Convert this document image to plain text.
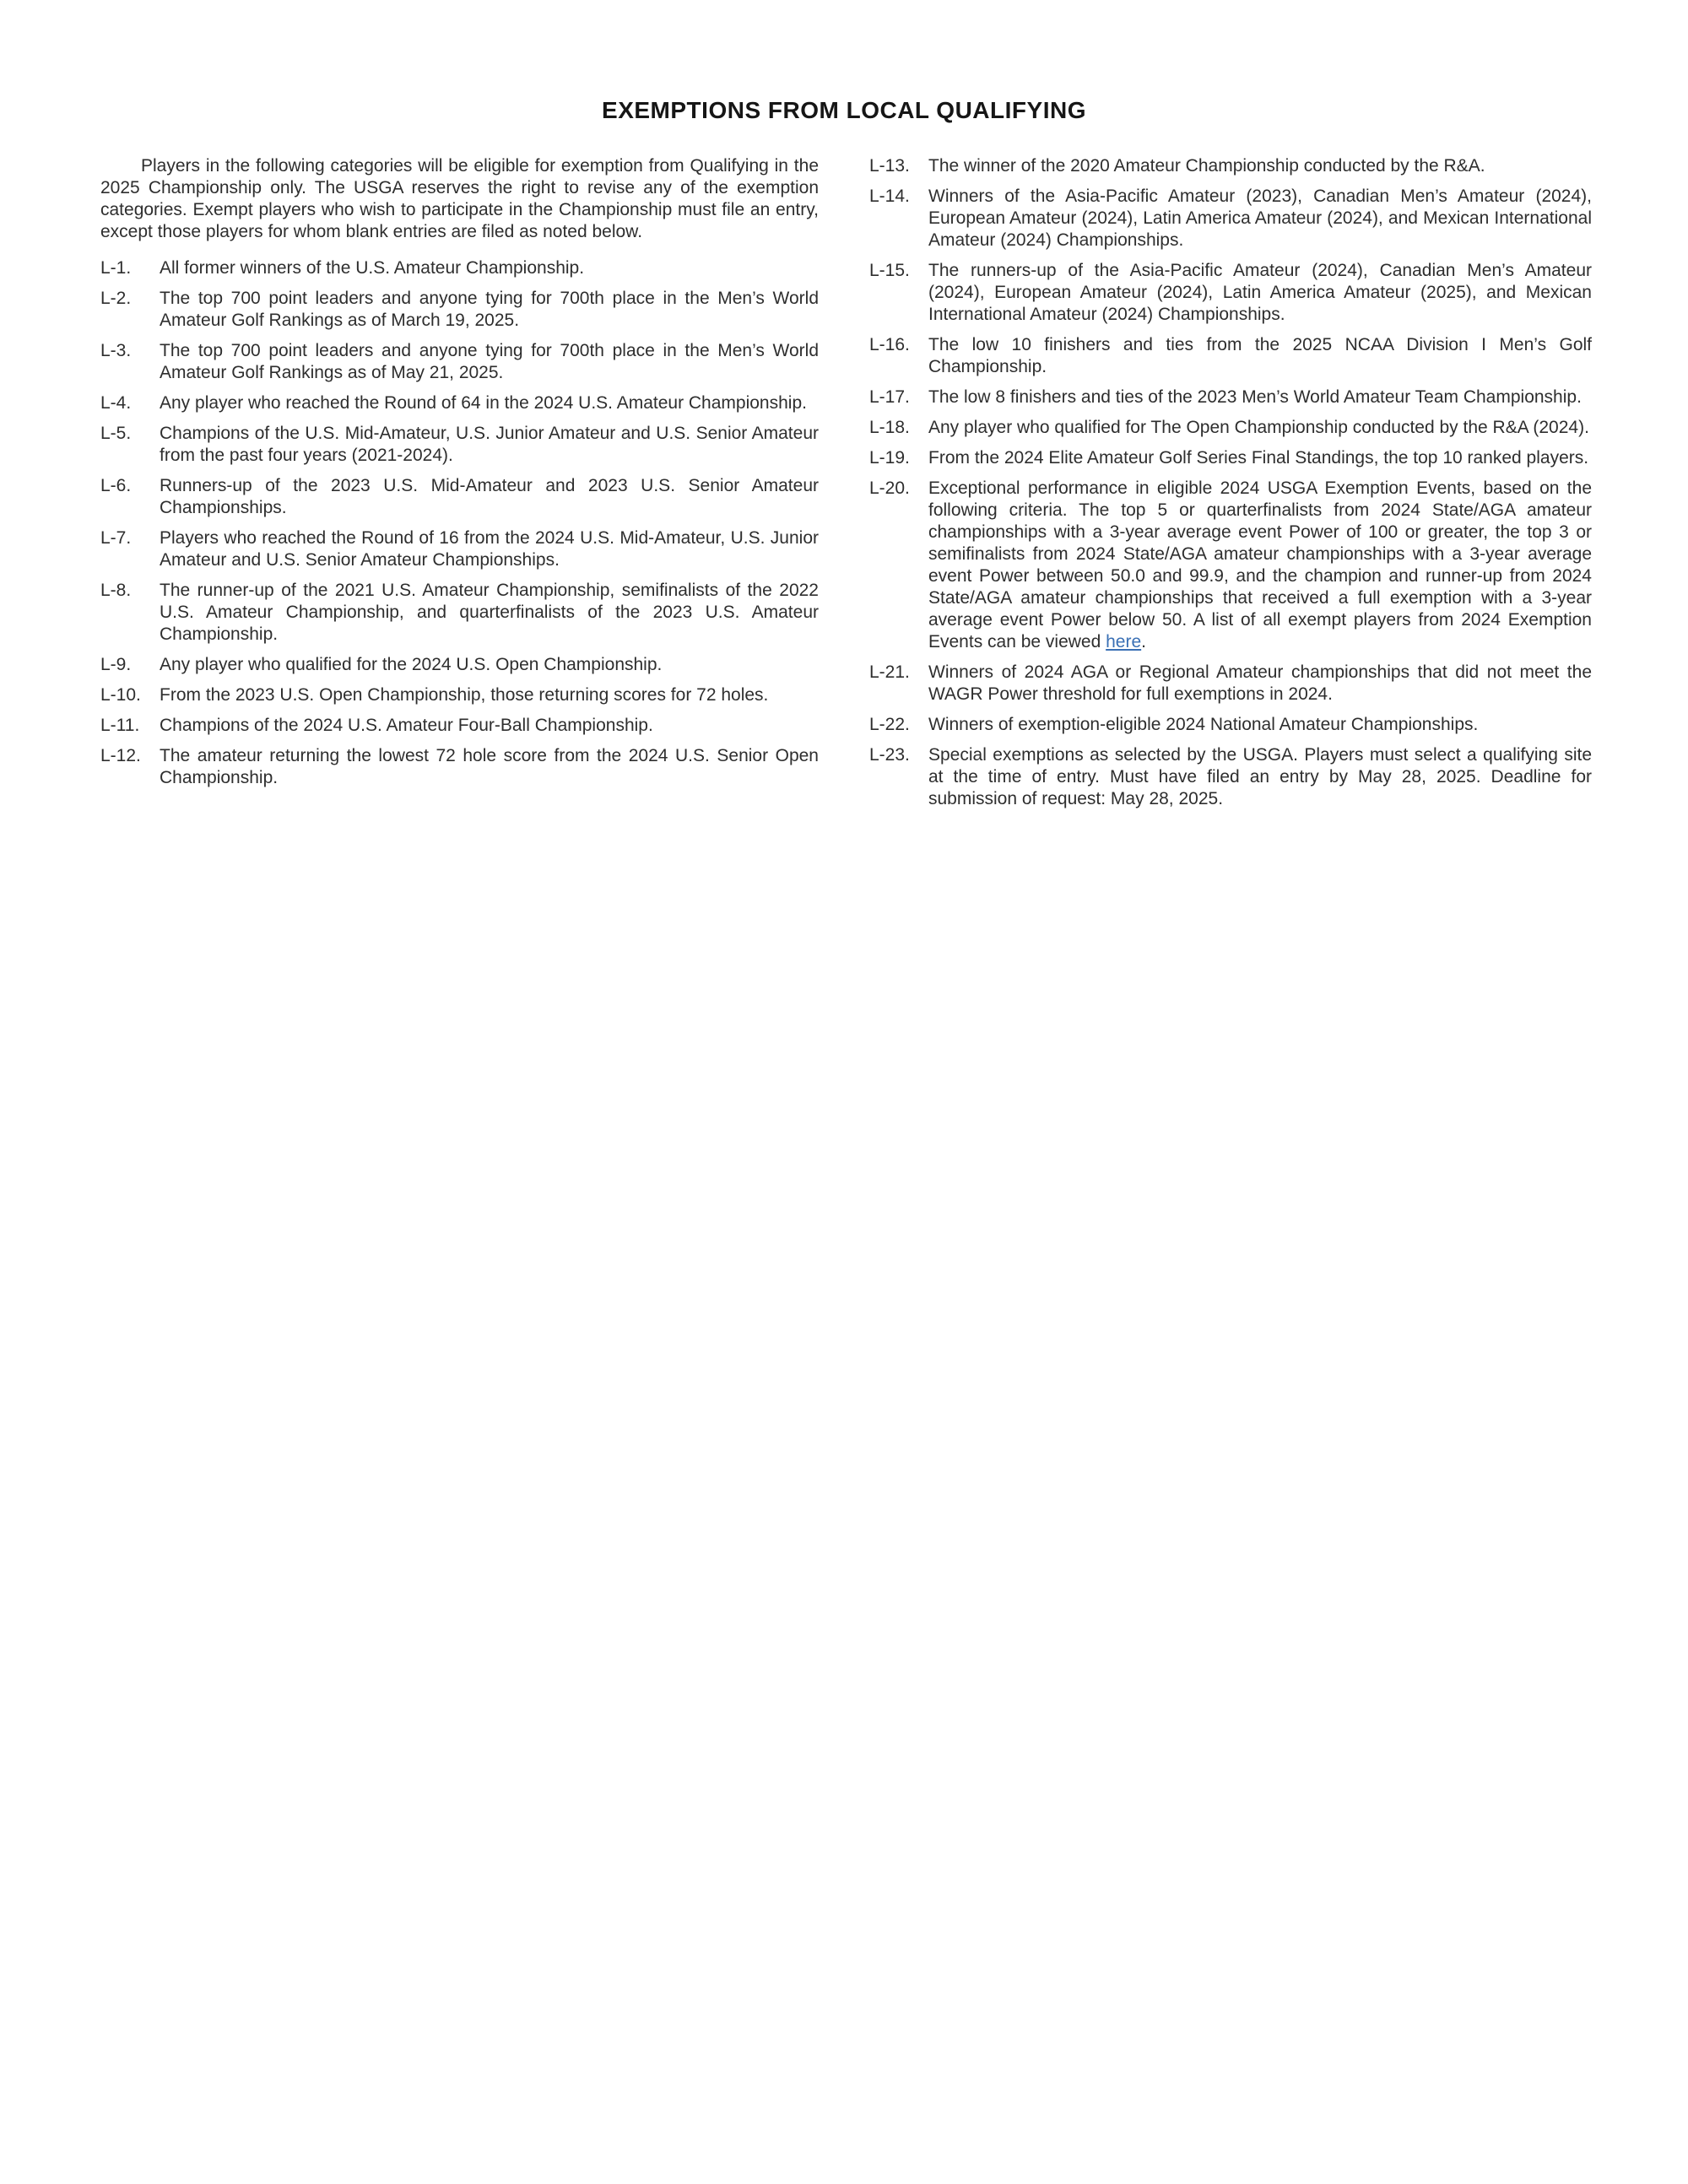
EXEMPTIONS FROM LOCAL QUALIFYING

Players in the following categories will be eligible for exemption from Qualifying in the 2025 Championship only. The USGA reserves the right to revise any of the exemption categories. Exempt players who wish to participate in the Championship must file an entry, except those players for whom blank entries are filed as noted below.

L-1.	All former winners of the U.S. Amateur Championship.
L-2.	The top 700 point leaders and anyone tying for 700th place in the Men’s World Amateur Golf Rankings as of March 19, 2025.
L-3.	The top 700 point leaders and anyone tying for 700th place in the Men’s World Amateur Golf Rankings as of May 21, 2025.
L-4.	Any player who reached the Round of 64 in the 2024 U.S. Amateur Championship.
L-5.	Champions of the U.S. Mid-Amateur, U.S. Junior Amateur and U.S. Senior Amateur from the past four years (2021-2024).
L-6.	Runners-up of the 2023 U.S. Mid-Amateur and 2023 U.S. Senior Amateur Championships.
L-7.	Players who reached the Round of 16 from the 2024 U.S. Mid-Amateur, U.S. Junior Amateur and U.S. Senior Amateur Championships.
L-8.	The runner-up of the 2021 U.S. Amateur Championship, semifinalists of the 2022 U.S. Amateur Championship, and quarterfinalists of the 2023 U.S. Amateur Championship.
L-9.	Any player who qualified for the 2024 U.S. Open Championship.
L-10.	From the 2023 U.S. Open Championship, those returning scores for 72 holes.
L-11.	Champions of the 2024 U.S. Amateur Four-Ball Championship.
L-12.	The amateur returning the lowest 72 hole score from the 2024 U.S. Senior Open Championship.
L-13.	The winner of the 2020 Amateur Championship conducted by the R&A.
L-14.	Winners of the Asia-Pacific Amateur (2023), Canadian Men’s Amateur (2024), European Amateur (2024), Latin America Amateur (2024), and Mexican International Amateur (2024) Championships.
L-15.	The runners-up of the Asia-Pacific Amateur (2024), Canadian Men’s Amateur (2024), European Amateur (2024), Latin America Amateur (2025), and Mexican International Amateur (2024) Championships.
L-16.	The low 10 finishers and ties from the 2025 NCAA Division I Men’s Golf Championship.
L-17.	The low 8 finishers and ties of the 2023 Men’s World Amateur Team Championship.
L-18.	Any player who qualified for The Open Championship conducted by the R&A (2024).
L-19.	From the 2024 Elite Amateur Golf Series Final Standings, the top 10 ranked players.
L-20.	Exceptional performance in eligible 2024 USGA Exemption Events, based on the following criteria. The top 5 or quarterfinalists from 2024 State/AGA amateur championships with a 3-year average event Power of 100 or greater, the top 3 or semifinalists from 2024 State/AGA amateur championships with a 3-year average event Power between 50.0 and 99.9, and the champion and runner-up from 2024 State/AGA amateur championships that received a full exemption with a 3-year average event Power below 50. A list of all exempt players from 2024 Exemption Events can be viewed here.
L-21.	Winners of 2024 AGA or Regional Amateur championships that did not meet the WAGR Power threshold for full exemptions in 2024.
L-22.	Winners of exemption-eligible 2024 National Amateur Championships.
L-23.	Special exemptions as selected by the USGA. Players must select a qualifying site at the time of entry. Must have filed an entry by May 28, 2025. Deadline for submission of request: May 28, 2025.
